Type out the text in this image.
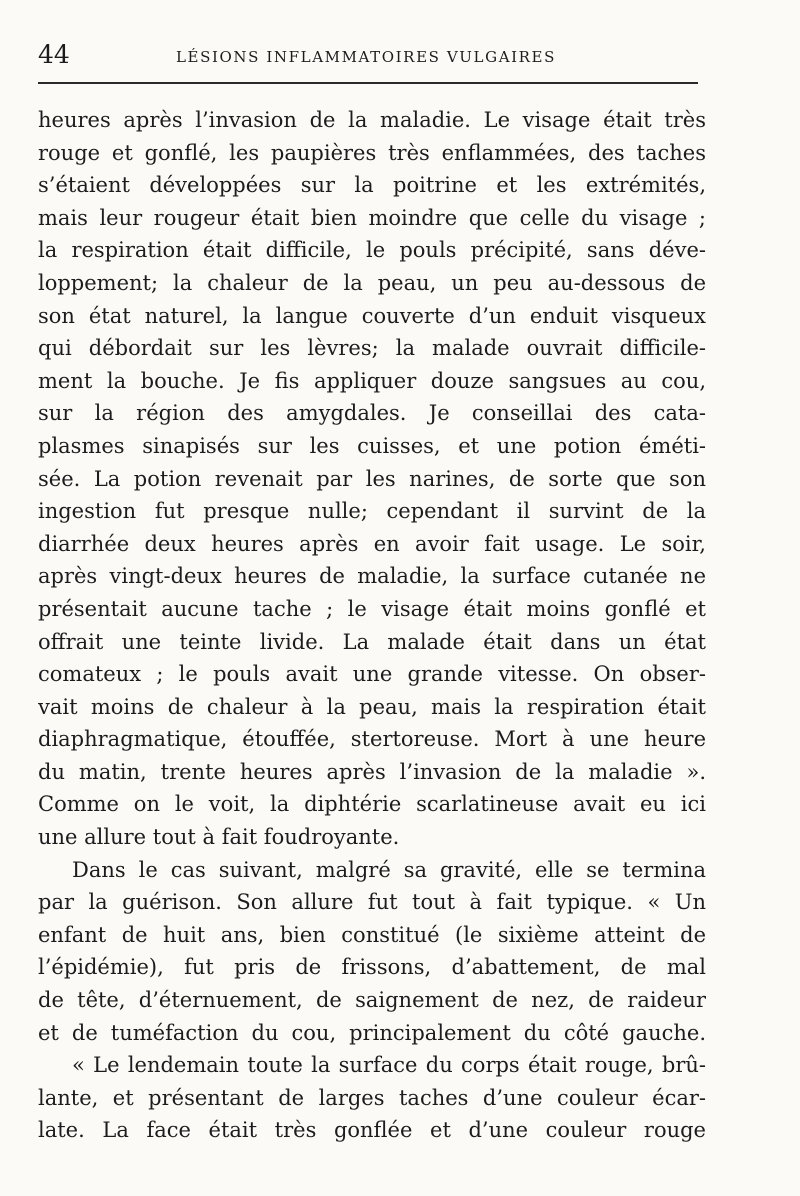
44	LÉSIONS INFLAMMATOIRES VULGAIRES
heures après l’invasion de la maladie. Le visage était très
rouge et gonflé, les paupières très enflammées, des taches
s’étaient développées sur la poitrine et les extrémités,
mais leur rougeur était bien moindre que celle du visage ;
la respiration était difficile, le pouls précipité, sans déve-
loppement; la chaleur de la peau, un peu au-dessous de
son état naturel, la langue couverte d’un enduit visqueux
qui débordait sur les lèvres; la malade ouvrait difficile-
ment la bouche. Je fis appliquer douze sangsues au cou,
sur la région des amygdales. Je conseillai des cata-
plasmes sinapisés sur les cuisses, et une potion éméti-
sée. La potion revenait par les narines, de sorte que son
ingestion fut presque nulle; cependant il survint de la
diarrhée deux heures après en avoir fait usage. Le soir,
après vingt-deux heures de maladie, la surface cutanée ne
présentait aucune tache ; le visage était moins gonflé et
offrait une teinte livide. La malade était dans un état
comateux ; le pouls avait une grande vitesse. On obser-
vait moins de chaleur à la peau, mais la respiration était
diaphragmatique, étouffée, stertoreuse. Mort à une heure
du matin, trente heures après l’invasion de la maladie ».
Comme on le voit, la diphtérie scarlatineuse avait eu ici
une allure tout à fait foudroyante.
Dans le cas suivant, malgré sa gravité, elle se termina
par la guérison. Son allure fut tout à fait typique. « Un
enfant de huit ans, bien constitué (le sixième atteint de
l’épidémie), fut pris de frissons, d’abattement, de mal
de tête, d’éternuement, de saignement de nez, de raideur
et de tuméfaction du cou, principalement du côté gauche.
« Le lendemain toute la surface du corps était rouge, brû-
lante, et présentant de larges taches d’une couleur écar-
late. La face était très gonflée et d’une couleur rouge
